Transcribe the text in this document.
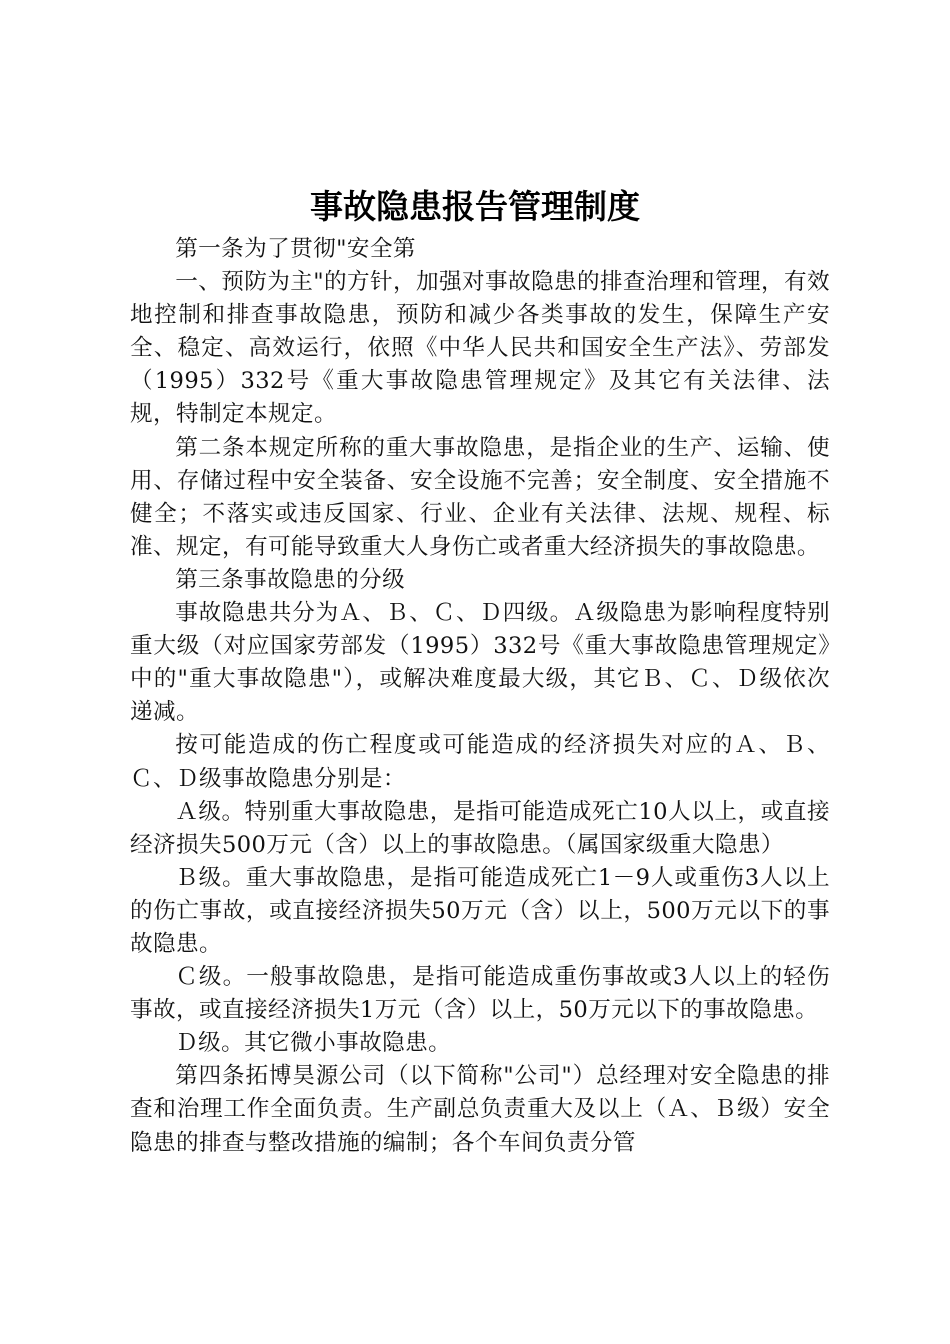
事故隐患报告管理制度

第一条为了贯彻"安全第

一、预防为主"的方针，加强对事故隐患的排查治理和管理，有效地控制和排查事故隐患，预防和减少各类事故的发生，保障生产安全、稳定、高效运行，依照《中华人民共和国安全生产法》、劳部发（1995）332号《重大事故隐患管理规定》及其它有关法律、法规，特制定本规定。

第二条本规定所称的重大事故隐患，是指企业的生产、运输、使用、存储过程中安全装备、安全设施不完善；安全制度、安全措施不健全；不落实或违反国家、行业、企业有关法律、法规、规程、标准、规定，有可能导致重大人身伤亡或者重大经济损失的事故隐患。

第三条事故隐患的分级

事故隐患共分为Ａ、Ｂ、Ｃ、Ｄ四级。Ａ级隐患为影响程度特别重大级（对应国家劳部发（1995）332号《重大事故隐患管理规定》中的"重大事故隐患"），或解决难度最大级，其它Ｂ、Ｃ、Ｄ级依次递减。

按可能造成的伤亡程度或可能造成的经济损失对应的Ａ、Ｂ、Ｃ、Ｄ级事故隐患分别是：

Ａ级。特别重大事故隐患，是指可能造成死亡10人以上，或直接经济损失500万元（含）以上的事故隐患。（属国家级重大隐患）

Ｂ级。重大事故隐患，是指可能造成死亡1－9人或重伤3人以上的伤亡事故，或直接经济损失50万元（含）以上，500万元以下的事故隐患。

Ｃ级。一般事故隐患，是指可能造成重伤事故或3人以上的轻伤事故，或直接经济损失1万元（含）以上，50万元以下的事故隐患。

Ｄ级。其它微小事故隐患。

第四条拓博昊源公司（以下简称"公司"）总经理对安全隐患的排查和治理工作全面负责。生产副总负责重大及以上（Ａ、Ｂ级）安全隐患的排查与整改措施的编制；各个车间负责分管
